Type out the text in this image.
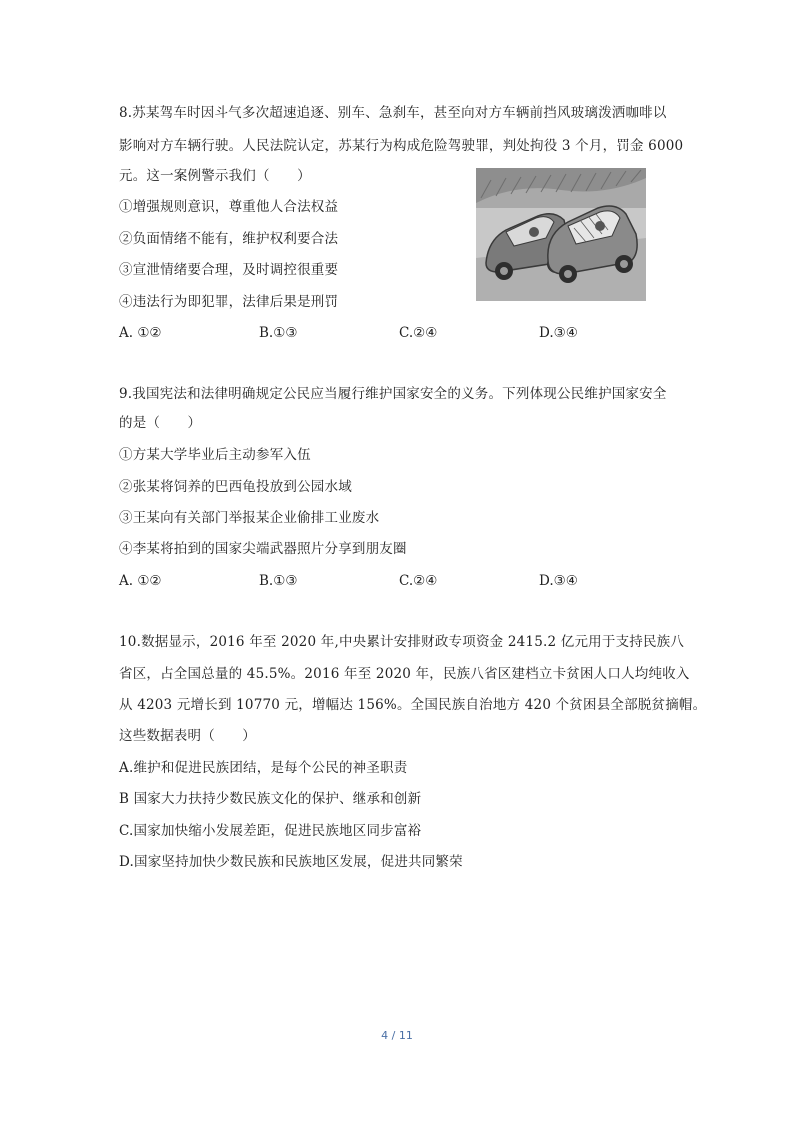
8.苏某驾车时因斗气多次超速追逐、别车、急刹车，甚至向对方车辆前挡风玻璃泼洒咖啡以
影响对方车辆行驶。人民法院认定，苏某行为构成危险驾驶罪，判处拘役 3 个月，罚金 6000
元。这一案例警示我们（　　）
①增强规则意识，尊重他人合法权益
②负面情绪不能有，维护权利要合法
③宣泄情绪要合理，及时调控很重要
④违法行为即犯罪，法律后果是刑罚
A. ①②	B.①③	C.②④	D.③④
9.我国宪法和法律明确规定公民应当履行维护国家安全的义务。下列体现公民维护国家安全
的是（　　）
①方某大学毕业后主动参军入伍
②张某将饲养的巴西龟投放到公园水域
③王某向有关部门举报某企业偷排工业废水
④李某将拍到的国家尖端武器照片分享到朋友圈
A. ①②	B.①③	C.②④	D.③④
10.数据显示，2016 年至 2020 年,中央累计安排财政专项资金 2415.2 亿元用于支持民族八
省区，占全国总量的 45.5%。2016 年至 2020 年，民族八省区建档立卡贫困人口人均纯收入
从 4203 元增长到 10770 元，增幅达 156%。全国民族自治地方 420 个贫困县全部脱贫摘帽。
这些数据表明（　　）
A.维护和促进民族团结，是每个公民的神圣职责
B 国家大力扶持少数民族文化的保护、继承和创新
C.国家加快缩小发展差距，促进民族地区同步富裕
D.国家坚持加快少数民族和民族地区发展，促进共同繁荣
4 / 11
